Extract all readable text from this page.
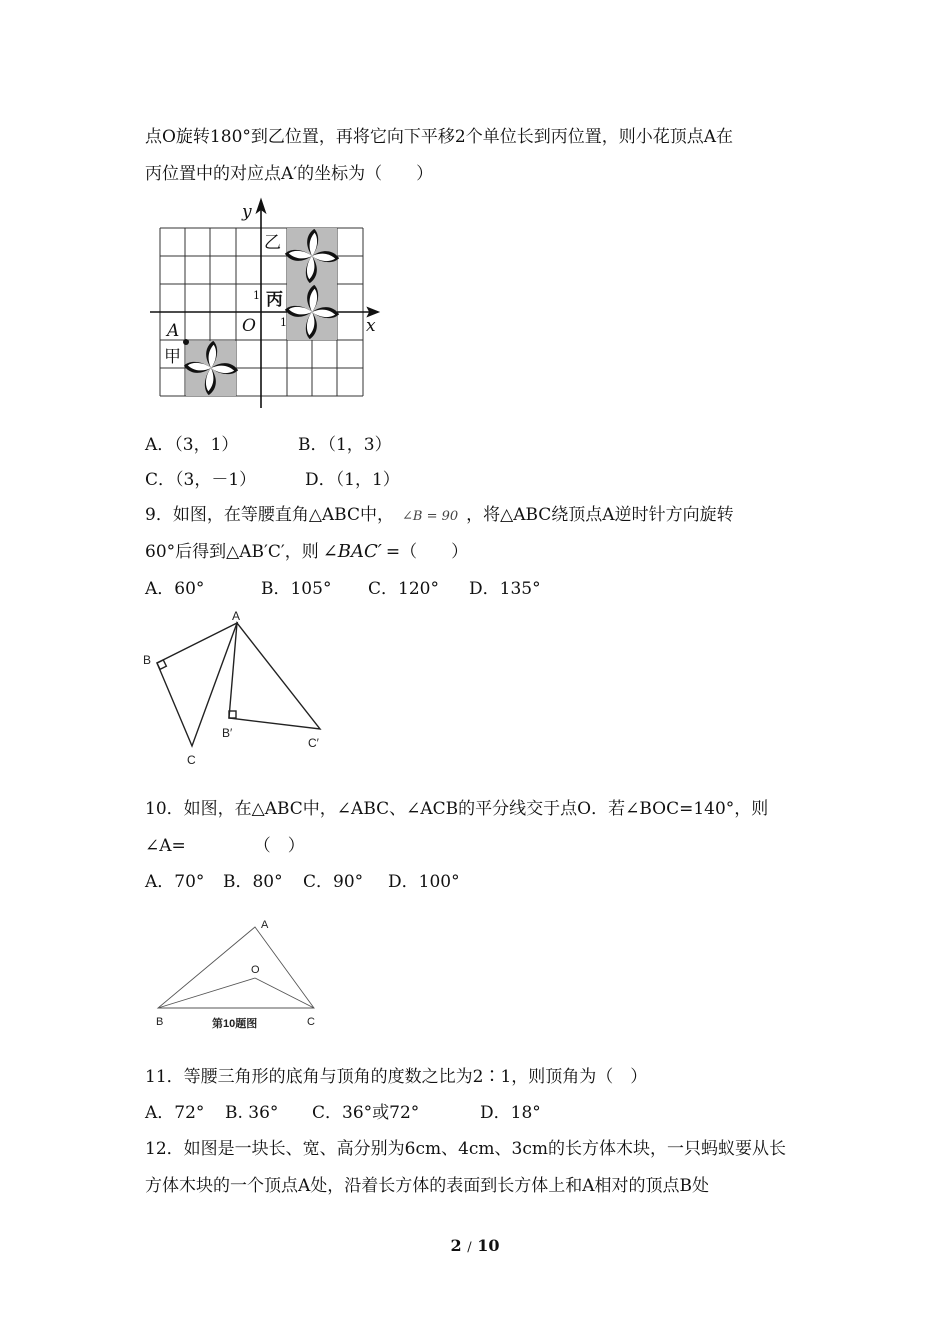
点O旋转180°到乙位置，再将它向下平移2个单位长到丙位置，则小花顶点A在
丙位置中的对应点A′的坐标为（　　）
y
x
O
A
甲
乙
丙
1
1
A．（3，1）	B．（1，3）
C．（3，－1）	D．（1，1）
9．如图，在等腰直角△ABC中， ∠B = 90 ，将△ABC绕顶点A逆时针方向旋转
60°后得到△AB′C′，则 ∠BAC′ =（　　）
A．60°	B．105° C．120° D．135°
A
B
C
B′
C′
10．如图，在△ABC中，∠ABC、∠ACB的平分线交于点O．若∠BOC=140°，则
∠A=	（　）
A．70° B．80° C．90° D．100°
A
B	C
O
第10题图
11．等腰三角形的底角与顶角的度数之比为2∶1，则顶角为（　）
A．72° B. 36° C．36°或72°	D．18°
12．如图是一块长、宽、高分别为6cm、4cm、3cm的长方体木块，一只蚂蚁要从长
方体木块的一个顶点A处，沿着长方体的表面到长方体上和A相对的顶点B处
2 / 10
